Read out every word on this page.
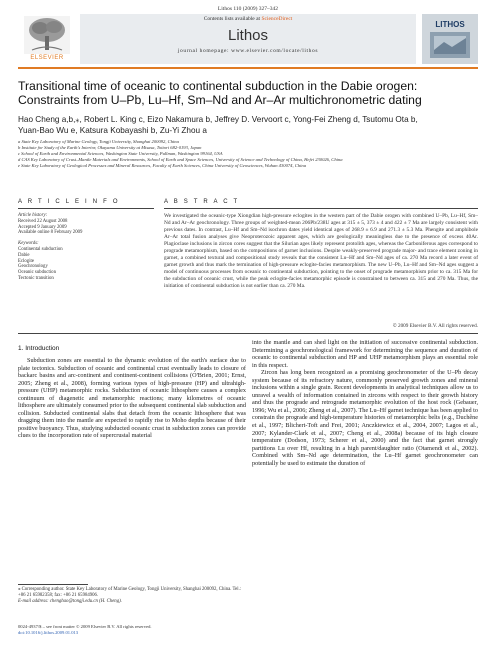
Lithos 110 (2009) 327–342
ELSEVIER
Contents lists available at ScienceDirect
Lithos
journal homepage: www.elsevier.com/locate/lithos
LITHOS
Transitional time of oceanic to continental subduction in the Dabie orogen:
Constraints from U–Pb, Lu–Hf, Sm–Nd and Ar–Ar multichronometric dating
Hao Cheng a,b,⁎, Robert L. King c, Eizo Nakamura b, Jeffrey D. Vervoort c, Yong-Fei Zheng d, Tsutomu Ota b,
Yuan-Bao Wu e, Katsura Kobayashi b, Zu-Yi Zhou a
a State Key Laboratory of Marine Geology, Tongji University, Shanghai 200092, China
b Institute for Study of the Earth's Interior, Okayama University at Misasa, Tottori 682-0193, Japan
c School of Earth and Environmental Sciences, Washington State University, Pullman, Washington 99164, USA
d CAS Key Laboratory of Crust–Mantle Materials and Environments, School of Earth and Space Sciences, University of Science and Technology of China, Hefei 230026, China
e State Key Laboratory of Geological Processes and Mineral Resources, Faculty of Earth Sciences, China University of Geosciences, Wuhan 430074, China
A R T I C L E I N F O
Article history:
Received 22 August 2008
Accepted 9 January 2009
Available online 8 February 2009
Keywords:
Continental subduction
Dabie
Eclogite
Geochronology
Oceanic subduction
Tectonic transition
A B S T R A C T
We investigated the oceanic-type Xiongdian high-pressure eclogites in the western part of the Dabie orogen with combined U–Pb, Lu–Hf, Sm–Nd and Ar–Ar geochronology. Three groups of weighted-mean 206Pb/238U ages at 315 ± 5, 373 ± 4 and 422 ± 7 Ma are largely consistent with previous dates. In contrast, Lu–Hf and Sm–Nd isochron dates yield identical ages of 268.9 ± 6.9 and 271.3 ± 5.3 Ma. Phengite and amphibole Ar–Ar total fusion analyses give Neoproterozoic apparent ages, which are geologically meaningless due to the presence of excess 40Ar. Plagioclase inclusions in zircon cores suggest that the Silurian ages likely represent protolith ages, whereas the Carboniferous ages correspond to prograde metamorphism, based on the compositions of garnet inclusions. Despite weakly-preserved prograde major- and trace element zoning in garnet, a combined textural and compositional study reveals that the consistent Lu–Hf and Sm–Nd ages of ca. 270 Ma record a later event of garnet growth and thus mark the termination of high-pressure eclogite-facies metamorphism. The new U–Pb, Lu–Hf and Sm–Nd ages suggest a model of continuous processes from oceanic to continental subduction, pointing to the onset of prograde metamorphism prior to ca. 315 Ma for the subduction of oceanic crust, while the peak eclogite-facies metamorphic episode is constrained to between ca. 315 and 270 Ma. Thus, the initiation of continental subduction is not earlier than ca. 270 Ma.
© 2009 Elsevier B.V. All rights reserved.
1. Introduction

Subduction zones are essential to the dynamic evolution of the earth's surface due to plate tectonics. Subduction of oceanic and continental crust eventually leads to closure of backarc basins and arc-continent and continent-continent collisions (O'Brien, 2001; Ernst, 2005; Zheng et al., 2008), forming various types of high-pressure (HP) and ultrahigh-pressure (UHP) metamorphic rocks. Subduction of oceanic lithosphere causes a complex continuum of diagenetic and metamorphic reactions; many kilometres of oceanic lithosphere are ultimately consumed prior to the subsequent continental slab subduction and collision. Subducted continental slabs that detach from the oceanic lithosphere that was dragging them into the mantle are expected to rapidly rise to Moho depths because of their positive buoyancy. Thus, studying subducted oceanic crust in subduction zones can provide clues to the incorporation rate of supercrustal material

into the mantle and can shed light on the initiation of successive continental subduction. Determining a geochronological framework for determining the sequence and duration of oceanic to continental subduction and HP and UHP metamorphism plays an essential role in this respect.

Zircon has long been recognized as a promising geochronometer of the U–Pb decay system because of its refractory nature, commonly preserved growth zones and mineral inclusions within a single grain. Recent developments in analytical techniques allow us to unravel a wealth of information contained in zircons with respect to their growth history and thus the prograde and retrograde metamorphic evolution of the host rock (Gebauer, 1996; Wu et al., 2006; Zheng et al., 2007). The Lu–Hf garnet technique has been applied to constrain the prograde and high-temperature histories of metamorphic belts (e.g., Duchêne et al., 1997; Blichert-Toft and Frei, 2001; Anczkiewicz et al., 2004, 2007; Lagos et al., 2007; Kylander-Clark et al., 2007; Cheng et al., 2008a) because of its high closure temperature (Dodson, 1973; Scherer et al., 2000) and the fact that garnet strongly partitions Lu over Hf, resulting in a high parent/daughter ratio (Otamendi et al., 2002). Combined with Sm–Nd age determination, the Lu–Hf garnet geochronometer can potentially be used to estimate the duration of

⁎ Corresponding author. State Key Laboratory of Marine Geology, Tongji University, Shanghai 200092, China. Tel.: +86 21 65982358; fax: +86 21 65984906.
E-mail address: chenghao@tongji.edu.cn (H. Cheng).
0024-4937/$ – see front matter © 2009 Elsevier B.V. All rights reserved.
doi:10.1016/j.lithos.2009.01.013
